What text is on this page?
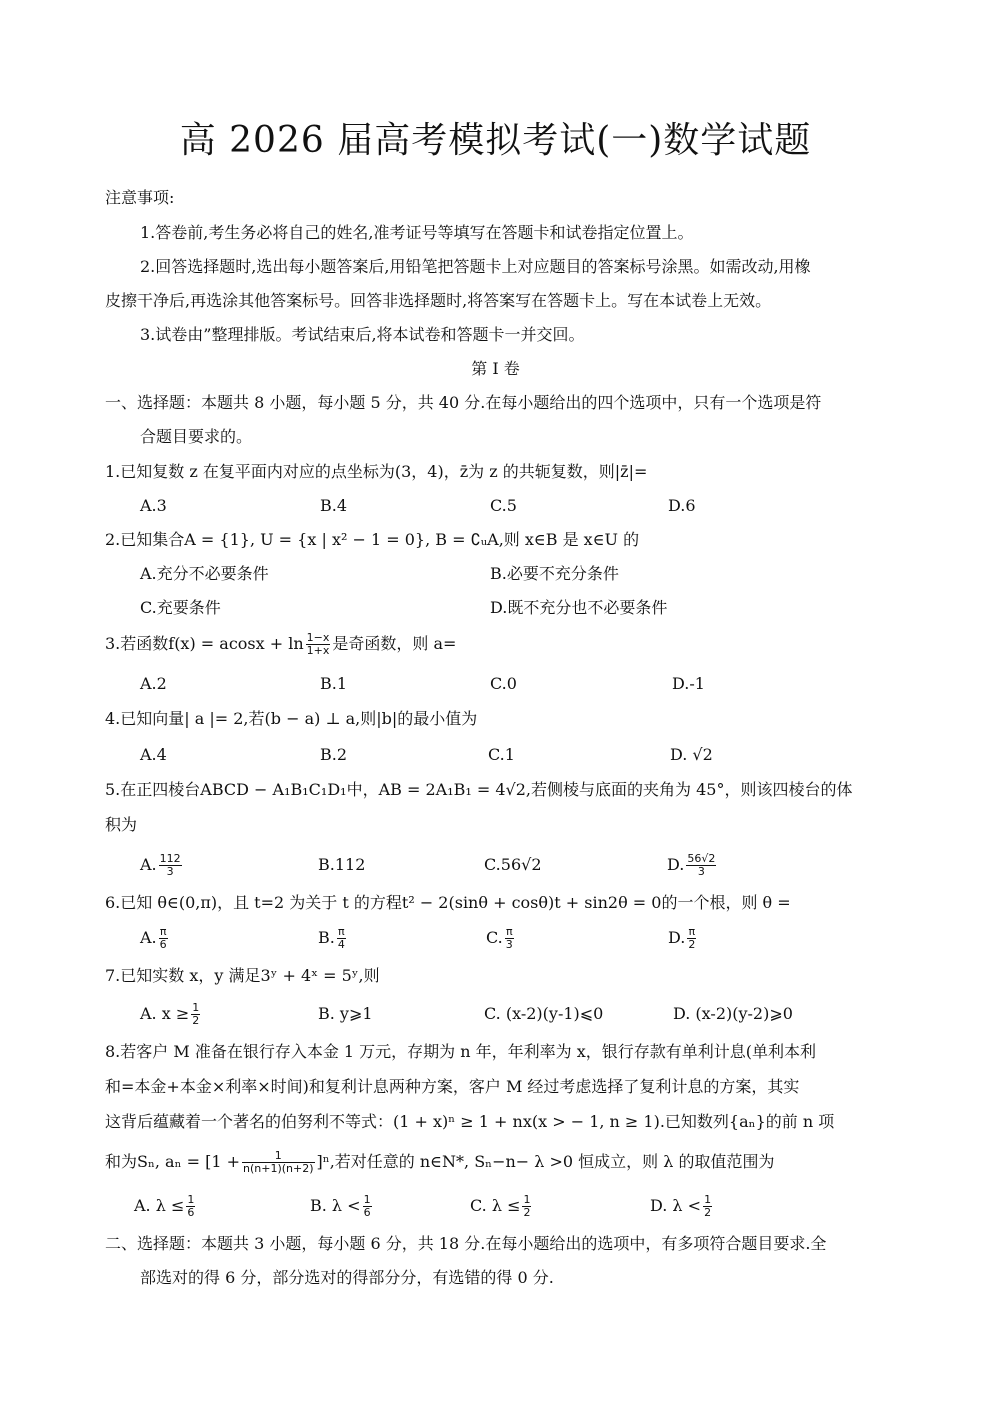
高 2026 届高考模拟考试(一)数学试题
注意事项:
1.答卷前,考生务必将自己的姓名,准考证号等填写在答题卡和试卷指定位置上。
2.回答选择题时,选出每小题答案后,用铅笔把答题卡上对应题目的答案标号涂黑。如需改动,用橡
皮擦干净后,再选涂其他答案标号。回答非选择题时,将答案写在答题卡上。写在本试卷上无效。
3.试卷由”整理排版。考试结束后,将本试卷和答题卡一并交回。
第 I 卷
一、选择题：本题共 8 小题，每小题 5 分，共 40 分.在每小题给出的四个选项中，只有一个选项是符
合题目要求的。
1.已知复数 z 在复平面内对应的点坐标为(3，4)，z̄为 z 的共轭复数，则|z̄|=
A.3	B.4	C.5	D.6
2.已知集合A = {1}, U = {x | x² − 1 = 0}, B = ∁ᵤA,则 x∈B 是 x∈U 的
A.充分不必要条件	B.必要不充分条件
C.充要条件	D.既不充分也不必要条件
3.若函数$f(x) = acosx + \ln \frac{1-x}{1+x}$ 是奇函数，则 a=
A.2	B.1	C.0	D.-1
4.已知向量| a |= 2,若(b − a) ⊥ a,则|b|的最小值为
A.4	B.2	C.1	D. √2
5.在正四棱台ABCD − A₁B₁C₁D₁中，AB = 2A₁B₁ = 4√2,若侧棱与底面的夹角为 45°，则该四棱台的体
积为
A. $\frac{112}{3}$	B.112	C.56√2	D. $\frac{56√2}{3}$
6.已知 θ∈(0,π)，且 t=2 为关于 t 的方程t² − 2(sinθ + cosθ)t + sin2θ = 0的一个根，则 θ =
A. $\frac{\pi}{6}$	B. $\frac{\pi}{4}$	C. $\frac{\pi}{3}$	D. $\frac{\pi}{2}$
7.已知实数 x，y 满足3ʸ + 4ˣ = 5ʸ,则
A. $x \ge \frac{1}{2}$	B. y⩾1	C. (x-2)(y-1)⩽0	D. (x-2)(y-2)⩾0
8.若客户 M 准备在银行存入本金 1 万元，存期为 n 年，年利率为 x，银行存款有单利计息(单利本利
和=本金+本金×利率×时间)和复利计息两种方案，客户 M 经过考虑选择了复利计息的方案，其实
这背后蕴藏着一个著名的伯努利不等式：(1 + x)ⁿ ≥ 1 + nx(x > − 1, n ≥ 1).已知数列{aₙ}的前 n 项
和为Sₙ, $a_n = [1 + \frac{1}{n(n+1)(n+2)} ]^n$,若对任意的 n∈N*, Sₙ−n− λ >0 恒成立，则 λ 的取值范围为
A. $\lambda \le \frac{1}{6}$	B. $\lambda < \frac{1}{6}$	C. $\lambda \le \frac{1}{2}$	D. $\lambda < \frac{1}{2}$
二、选择题：本题共 3 小题，每小题 6 分，共 18 分.在每小题给出的选项中，有多项符合题目要求.全
部选对的得 6 分，部分选对的得部分分，有选错的得 0 分.
